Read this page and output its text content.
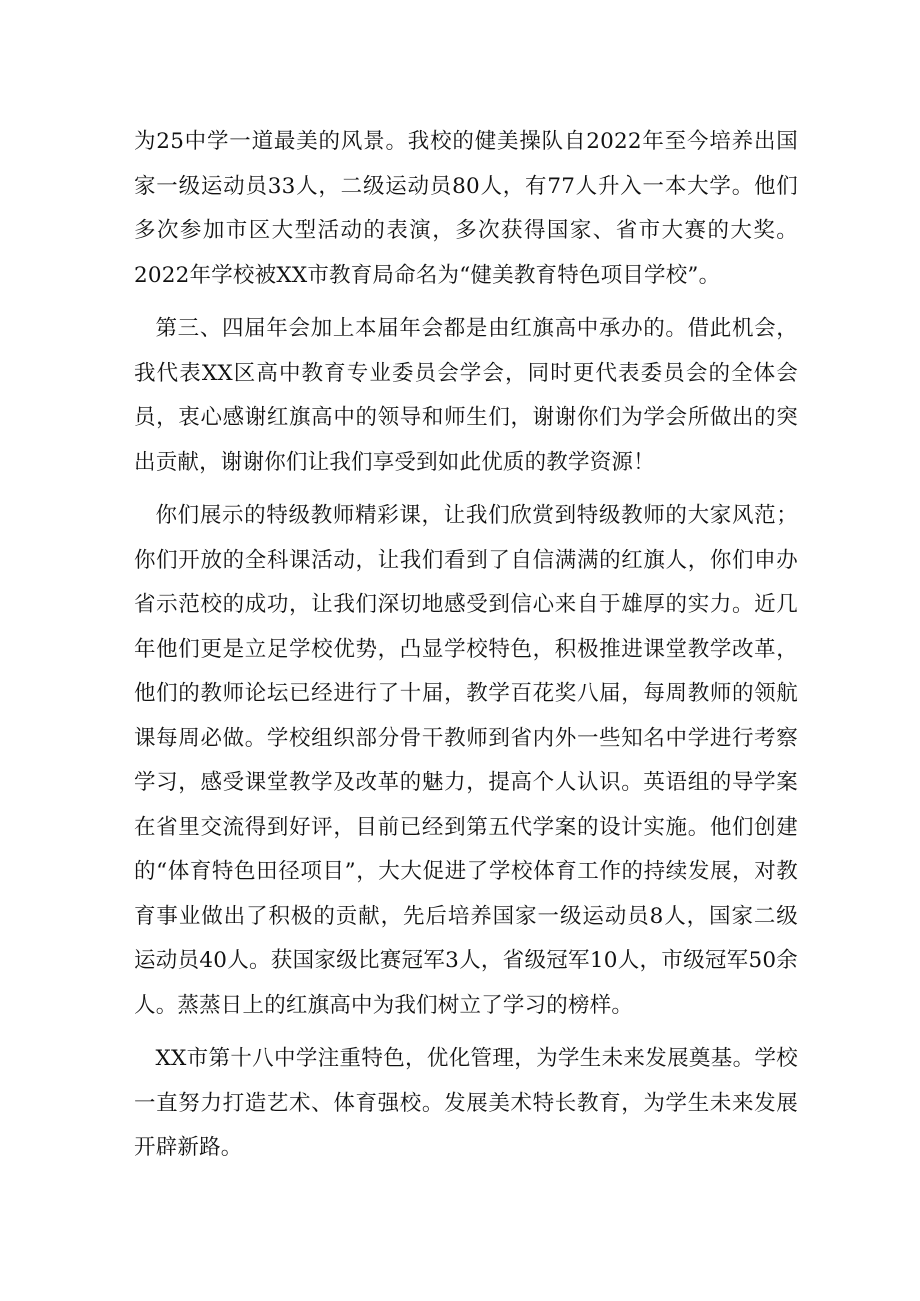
为25中学一道最美的风景。我校的健美操队自2022年至今培养出国家一级运动员33人，二级运动员80人，有77人升入一本大学。他们多次参加市区大型活动的表演，多次获得国家、省市大赛的大奖。2022年学校被XX市教育局命名为“健美教育特色项目学校”。

第三、四届年会加上本届年会都是由红旗高中承办的。借此机会，我代表XX区高中教育专业委员会学会，同时更代表委员会的全体会员，衷心感谢红旗高中的领导和师生们，谢谢你们为学会所做出的突出贡献，谢谢你们让我们享受到如此优质的教学资源！

你们展示的特级教师精彩课，让我们欣赏到特级教师的大家风范；你们开放的全科课活动，让我们看到了自信满满的红旗人，你们申办省示范校的成功，让我们深切地感受到信心来自于雄厚的实力。近几年他们更是立足学校优势，凸显学校特色，积极推进课堂教学改革，他们的教师论坛已经进行了十届，教学百花奖八届，每周教师的领航课每周必做。学校组织部分骨干教师到省内外一些知名中学进行考察学习，感受课堂教学及改革的魅力，提高个人认识。英语组的导学案在省里交流得到好评，目前已经到第五代学案的设计实施。他们创建的“体育特色田径项目”，大大促进了学校体育工作的持续发展，对教育事业做出了积极的贡献，先后培养国家一级运动员8人，国家二级运动员40人。获国家级比赛冠军3人，省级冠军10人，市级冠军50余人。蒸蒸日上的红旗高中为我们树立了学习的榜样。

XX市第十八中学注重特色，优化管理，为学生未来发展奠基。学校一直努力打造艺术、体育强校。发展美术特长教育，为学生未来发展开辟新路。
